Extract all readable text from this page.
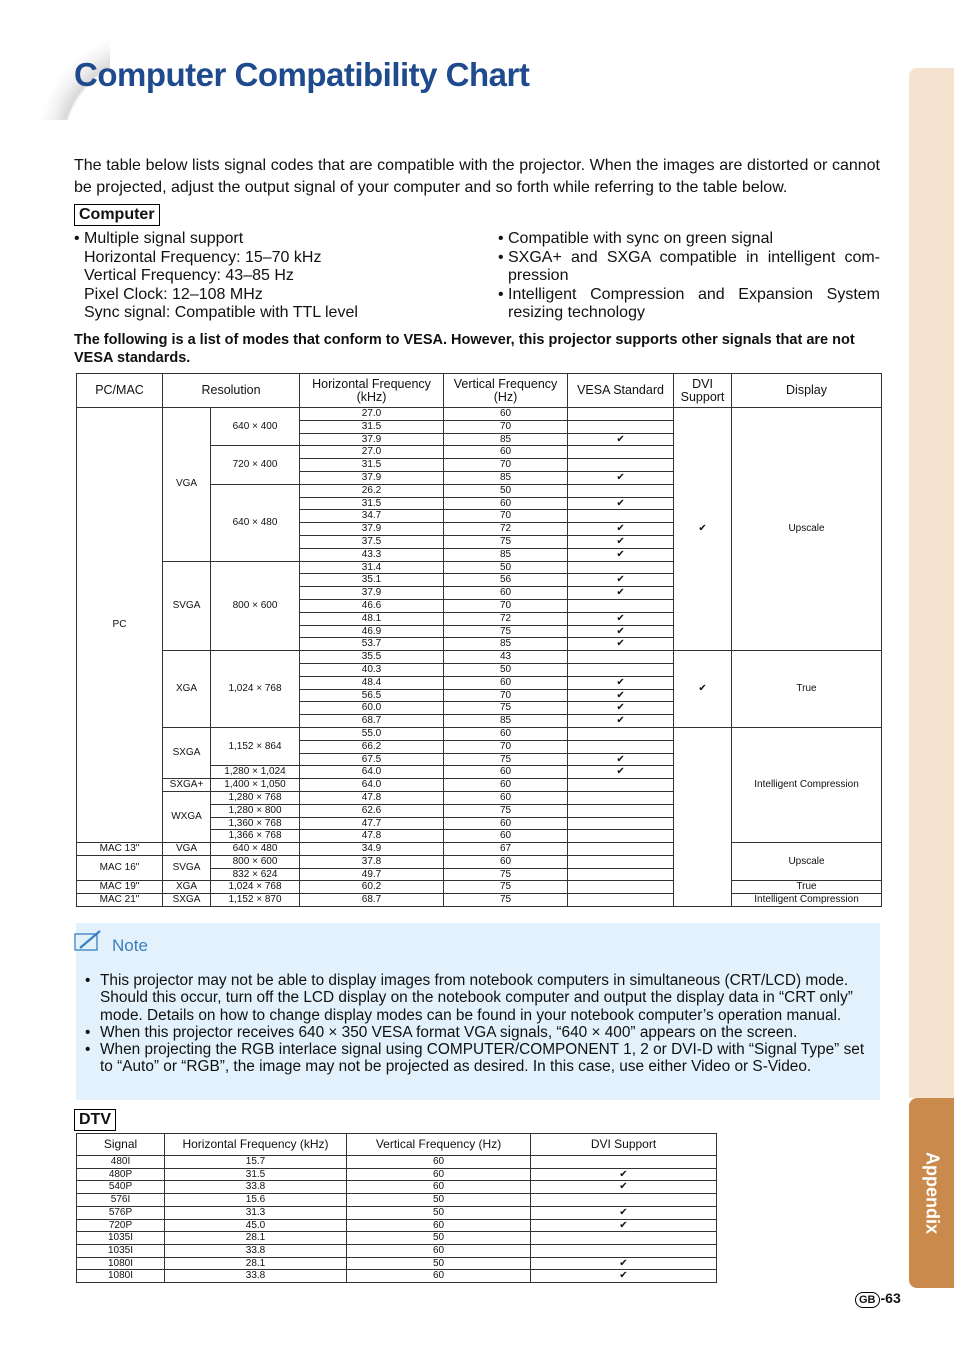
Computer Compatibility Chart
Appendix
The table below lists signal codes that are compatible with the projector. When the images are distorted or cannot be projected, adjust the output signal of your computer and so forth while referring to the table below.
Computer
• Multiple signal support
Horizontal Frequency: 15–70 kHz
Vertical Frequency: 43–85 Hz
Pixel Clock: 12–108 MHz
Sync signal: Compatible with TTL level
• Compatible with sync on green signal
• SXGA+ and SXGA compatible in intelligent com-pression
• Intelligent Compression and Expansion System resizing technology
The following is a list of modes that conform to VESA. However, this projector supports other signals that are not VESA standards.
PC/MAC	Resolution		Horizontal Frequency (kHz)	Vertical Frequency (Hz)	VESA Standard	DVI Support	Display
PC	VGA	640 × 400	27.0	60		✔	Upscale
			31.5	70			
			37.9	85	✔		
		720 × 400	27.0	60			
			31.5	70			
			37.9	85	✔		
		640 × 480	26.2	50			
			31.5	60	✔		
			34.7	70			
			37.9	72	✔		
			37.5	75	✔		
			43.3	85	✔		
	SVGA	800 × 600	31.4	50			
			35.1	56	✔		
			37.9	60	✔		
			46.6	70			
			48.1	72	✔		
			46.9	75	✔		
			53.7	85	✔		
	XGA	1,024 × 768	35.5	43		✔	True
			40.3	50			
			48.4	60	✔		
			56.5	70	✔		
			60.0	75	✔		
			68.7	85	✔		
	SXGA	1,152 × 864	55.0	60			Intelligent Compression
			66.2	70			
			67.5	75	✔		
		1,280 × 1,024	64.0	60	✔		
	SXGA+	1,400 × 1,050	64.0	60			
	WXGA	1,280 × 768	47.8	60			
		1,280 × 800	62.6	75			
		1,360 × 768	47.7	60			
		1,366 × 768	47.8	60			
MAC 13"	VGA	640 × 480	34.9	67			Upscale
MAC 16"	SVGA	800 × 600	37.8	60			
		832 × 624	49.7	75			
MAC 19"	XGA	1,024 × 768	60.2	75			True
MAC 21"	SXGA	1,152 × 870	68.7	75			Intelligent Compression
Note

• This projector may not be able to display images from notebook computers in simultaneous (CRT/LCD) mode. Should this occur, turn off the LCD display on the notebook computer and output the display data in “CRT only” mode. Details on how to change display modes can be found in your notebook computer’s operation manual.

• When this projector receives 640 × 350 VESA format VGA signals, “640 × 400” appears on the screen.

• When projecting the RGB interlace signal using COMPUTER/COMPONENT 1, 2 or DVI-D with “Signal Type” set to “Auto” or “RGB”, the image may not be projected as desired. In this case, use either Video or S-Video.

DTV
Signal	Horizontal Frequency (kHz)	Vertical Frequency (Hz)	DVI Support
480I	15.7	60	
480P	31.5	60	✔
540P	33.8	60	✔
576I	15.6	50	
576P	31.3	50	✔
720P	45.0	60	✔
1035I	28.1	50	
1035I	33.8	60	
1080I	28.1	50	✔
1080I	33.8	60	✔
GB -63
